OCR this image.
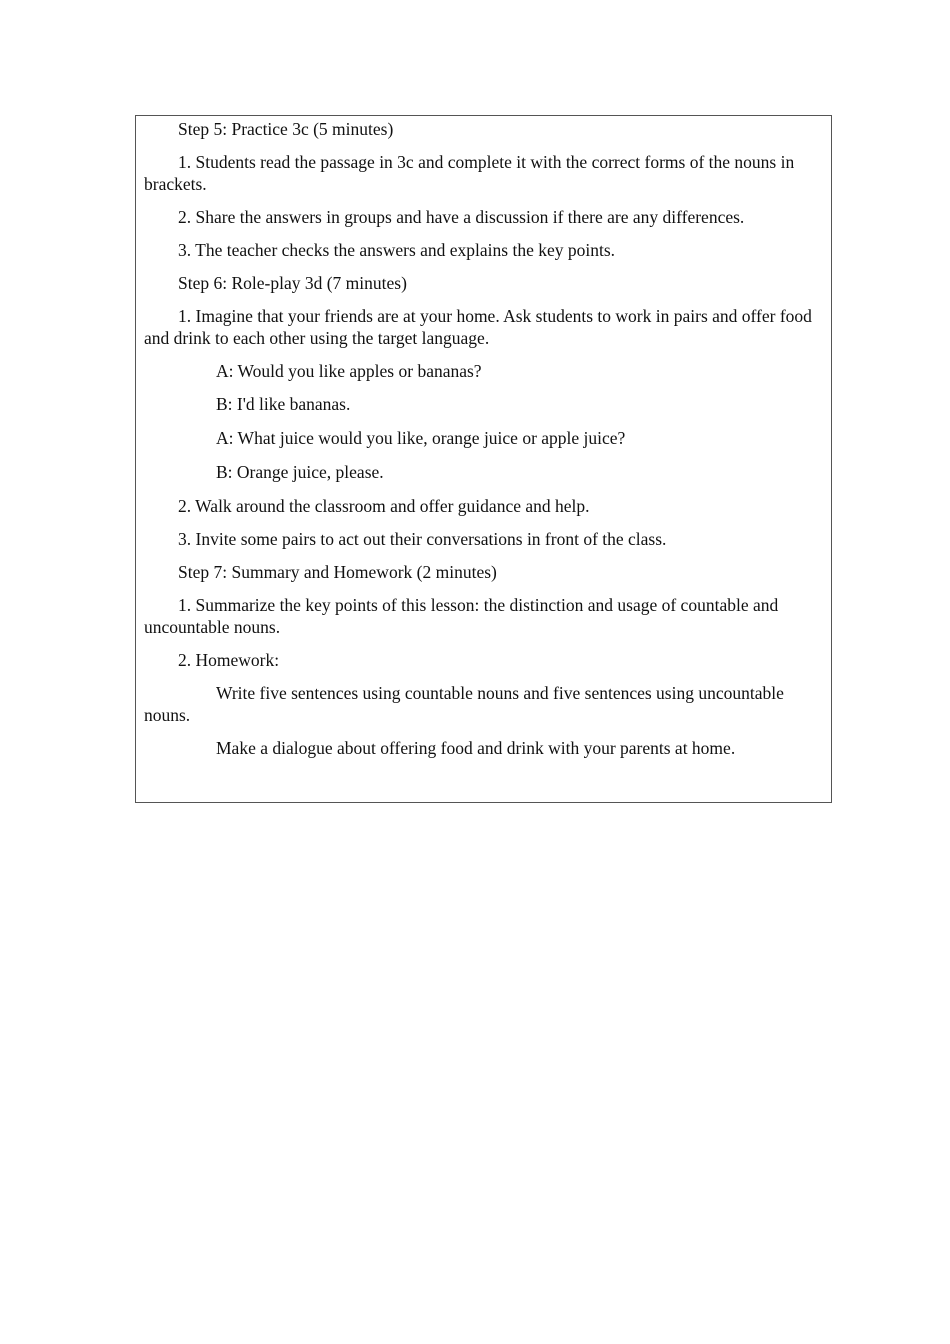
Step 5: Practice 3c (5 minutes)

1. Students read the passage in 3c and complete it with the correct forms of the nouns in brackets.

2. Share the answers in groups and have a discussion if there are any differences.

3. The teacher checks the answers and explains the key points.

Step 6: Role-play 3d (7 minutes)

1. Imagine that your friends are at your home. Ask students to work in pairs and offer food and drink to each other using the target language.

A: Would you like apples or bananas?

B: I'd like bananas.

A: What juice would you like, orange juice or apple juice?

B: Orange juice, please.

2. Walk around the classroom and offer guidance and help.

3. Invite some pairs to act out their conversations in front of the class.

Step 7: Summary and Homework (2 minutes)

1. Summarize the key points of this lesson: the distinction and usage of countable and uncountable nouns.

2. Homework:

Write five sentences using countable nouns and five sentences using uncountable nouns.

Make a dialogue about offering food and drink with your parents at home.
